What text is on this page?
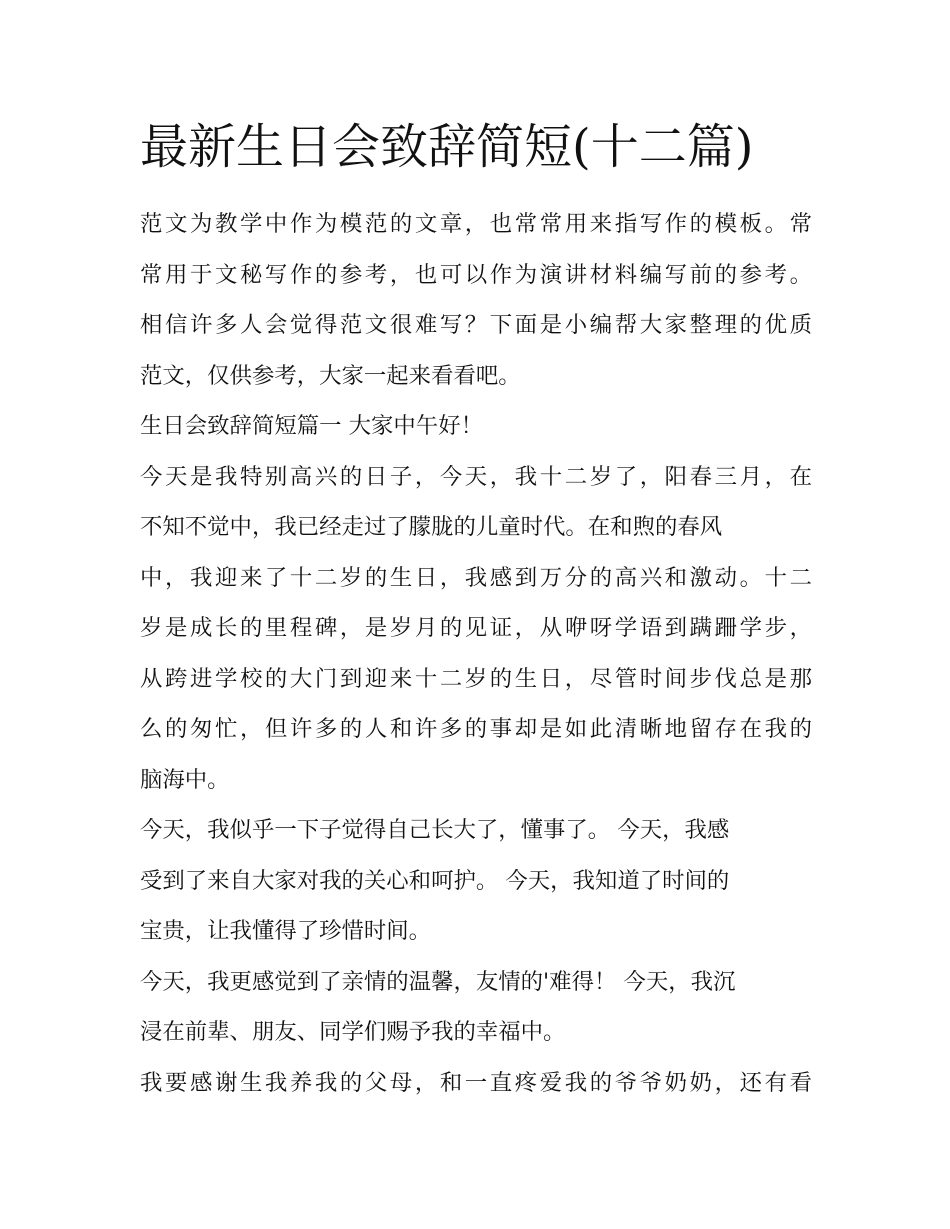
最新生日会致辞简短(十二篇)
范文为教学中作为模范的文章，也常常用来指写作的模板。常
常用于文秘写作的参考，也可以作为演讲材料编写前的参考。
相信许多人会觉得范文很难写？下面是小编帮大家整理的优质
范文，仅供参考，大家一起来看看吧。
生日会致辞简短篇一 大家中午好！
今天是我特别高兴的日子，今天，我十二岁了，阳春三月，在
不知不觉中，我已经走过了朦胧的儿童时代。在和煦的春风
中，我迎来了十二岁的生日，我感到万分的高兴和激动。十二
岁是成长的里程碑，是岁月的见证，从咿呀学语到蹒跚学步，
从跨进学校的大门到迎来十二岁的生日，尽管时间步伐总是那
么的匆忙，但许多的人和许多的事却是如此清晰地留存在我的
脑海中。
今天，我似乎一下子觉得自己长大了，懂事了。 今天，我感
受到了来自大家对我的关心和呵护。 今天，我知道了时间的
宝贵，让我懂得了珍惜时间。
今天，我更感觉到了亲情的温馨，友情的'难得！ 今天，我沉
浸在前辈、朋友、同学们赐予我的幸福中。
我要感谢生我养我的父母，和一直疼爱我的爷爷奶奶，还有看
